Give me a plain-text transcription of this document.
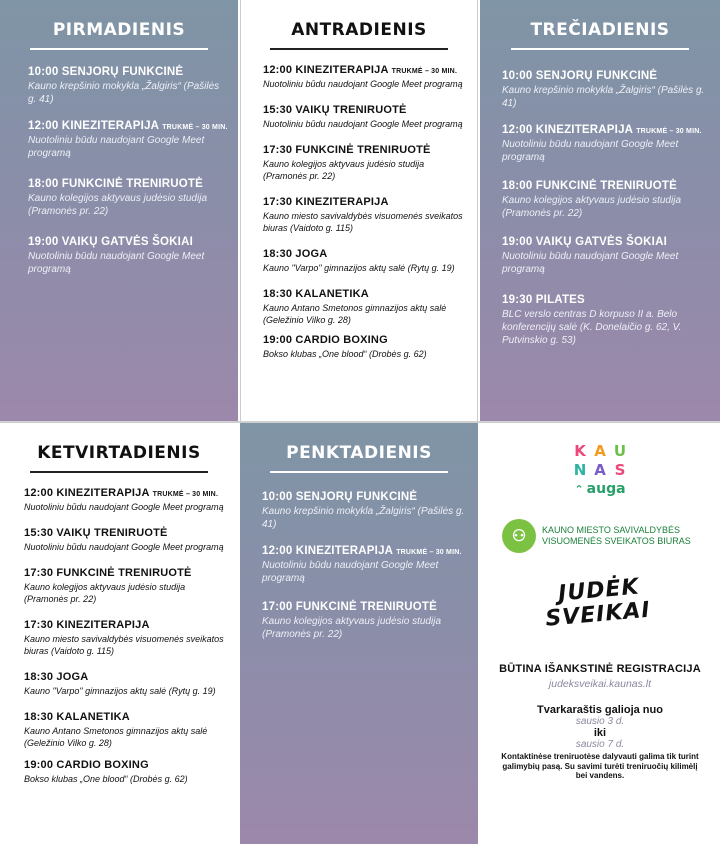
PIRMADIENIS
10:00 SENJORŲ FUNKCINĖ
Kauno krepšinio mokykla „Žalgiris“ (Pašilės g. 41)
12:00 KINEZITERAPIJA TRUKMĖ – 30 MIN.
Nuotoliniu būdu naudojant Google Meet programą
18:00 FUNKCINĖ TRENIRUOTĖ
Kauno kolegijos aktyvaus judėsio studija (Pramonės pr. 22)
19:00 VAIKŲ GATVĖS ŠOKIAI
Nuotoliniu būdu naudojant Google Meet programą
ANTRADIENIS
12:00 KINEZITERAPIJA TRUKMĖ – 30 MIN.
Nuotoliniu būdu naudojant Google Meet programą
15:30 VAIKŲ TRENIRUOTĖ
Nuotoliniu būdu naudojant Google Meet programą
17:30 FUNKCINĖ TRENIRUOTĖ
Kauno kolegijos aktyvaus judėsio studija (Pramonės pr. 22)
17:30 KINEZITERAPIJA
Kauno miesto savivaldybės visuomenės sveikatos biuras (Vaidoto g. 115)
18:30 JOGA
Kauno "Varpo" gimnazijos aktų salė (Rytų g. 19)
18:30 KALANETIKA
Kauno Antano Smetonos gimnazijos aktų salė (Geležinio Vilko g. 28)
19:00 CARDIO BOXING
Bokso klubas „One blood“ (Drobės g. 62)
TREČIADIENIS
10:00 SENJORŲ FUNKCINĖ
Kauno krepšinio mokykla „Žalgiris“ (Pašilės g. 41)
12:00 KINEZITERAPIJA TRUKMĖ – 30 MIN.
Nuotoliniu būdu naudojant Google Meet programą
18:00 FUNKCINĖ TRENIRUOTĖ
Kauno kolegijos aktyvaus judėsio studija (Pramonės pr. 22)
19:00 VAIKŲ GATVĖS ŠOKIAI
Nuotoliniu būdu naudojant Google Meet programą
19:30 PILATES
BLC verslo centras D korpuso II a. Belo konferencijų salė (K. Donelaičio g. 62, V. Putvinskio g. 53)
KETVIRTADIENIS
12:00 KINEZITERAPIJA TRUKMĖ – 30 MIN.
Nuotoliniu būdu naudojant Google Meet programą
15:30 VAIKŲ TRENIRUOTĖ
Nuotoliniu būdu naudojant Google Meet programą
17:30 FUNKCINĖ TRENIRUOTĖ
Kauno kolegijos aktyvaus judėsio studija (Pramonės pr. 22)
17:30 KINEZITERAPIJA
Kauno miesto savivaldybės visuomenės sveikatos biuras (Vaidoto g. 115)
18:30 JOGA
Kauno "Varpo" gimnazijos aktų salė (Rytų g. 19)
18:30 KALANETIKA
Kauno Antano Smetonos gimnazijos aktų salė (Geležinio Vilko g. 28)
19:00 CARDIO BOXING
Bokso klubas „One blood“ (Drobės g. 62)
PENKTADIENIS
10:00 SENJORŲ FUNKCINĖ
Kauno krepšinio mokykla „Žalgiris“ (Pašilės g. 41)
12:00 KINEZITERAPIJA TRUKMĖ – 30 MIN.
Nuotoliniu būdu naudojant Google Meet programą
17:00 FUNKCINĖ TRENIRUOTĖ
Kauno kolegijos aktyvaus judėsio studija (Pramonės pr. 22)
K A U
N A S
⌃ auga
⚇	KAUNO MIESTO SAVIVALDYBĖS
VISUOMENĖS SVEIKATOS BIURAS
JUDĖK
SVEIKAI
BŪTINA IŠANKSTINĖ REGISTRACIJA
judeksveikai.kaunas.lt
Tvarkaraštis galioja nuo
sausio 3 d.
iki
sausio 7 d.
Kontaktinėse treniruotėse dalyvauti galima tik turint galimybių pasą. Su savimi turėti treniruočių kilimėlį bei vandens.
